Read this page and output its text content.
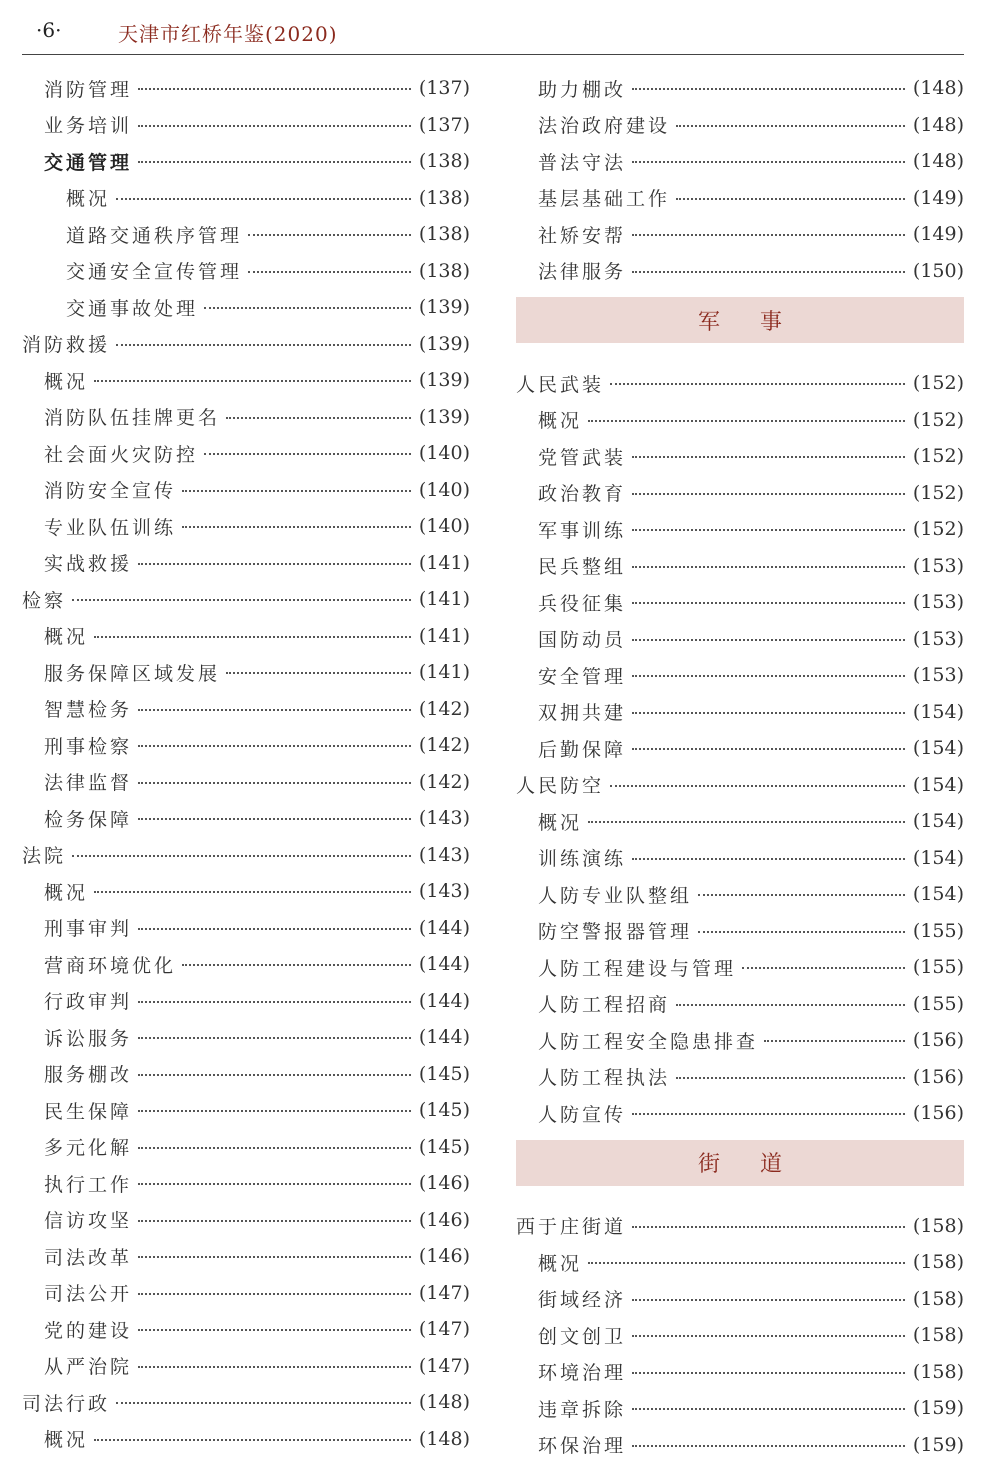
·6·	天津市红桥年鉴(2020)
消防管理	(137)
业务培训	(137)
交通管理	(138)
概况	(138)
道路交通秩序管理	(138)
交通安全宣传管理	(138)
交通事故处理	(139)
消防救援	(139)
概况	(139)
消防队伍挂牌更名	(139)
社会面火灾防控	(140)
消防安全宣传	(140)
专业队伍训练	(140)
实战救援	(141)
检察	(141)
概况	(141)
服务保障区域发展	(141)
智慧检务	(142)
刑事检察	(142)
法律监督	(142)
检务保障	(143)
法院	(143)
概况	(143)
刑事审判	(144)
营商环境优化	(144)
行政审判	(144)
诉讼服务	(144)
服务棚改	(145)
民生保障	(145)
多元化解	(145)
执行工作	(146)
信访攻坚	(146)
司法改革	(146)
司法公开	(147)
党的建设	(147)
从严治院	(147)
司法行政	(148)
概况	(148)
助力棚改	(148)
法治政府建设	(148)
普法守法	(148)
基层基础工作	(149)
社矫安帮	(149)
法律服务	(150)
军事
人民武装	(152)
概况	(152)
党管武装	(152)
政治教育	(152)
军事训练	(152)
民兵整组	(153)
兵役征集	(153)
国防动员	(153)
安全管理	(153)
双拥共建	(154)
后勤保障	(154)
人民防空	(154)
概况	(154)
训练演练	(154)
人防专业队整组	(154)
防空警报器管理	(155)
人防工程建设与管理	(155)
人防工程招商	(155)
人防工程安全隐患排查	(156)
人防工程执法	(156)
人防宣传	(156)
街道
西于庄街道	(158)
概况	(158)
街域经济	(158)
创文创卫	(158)
环境治理	(158)
违章拆除	(159)
环保治理	(159)
